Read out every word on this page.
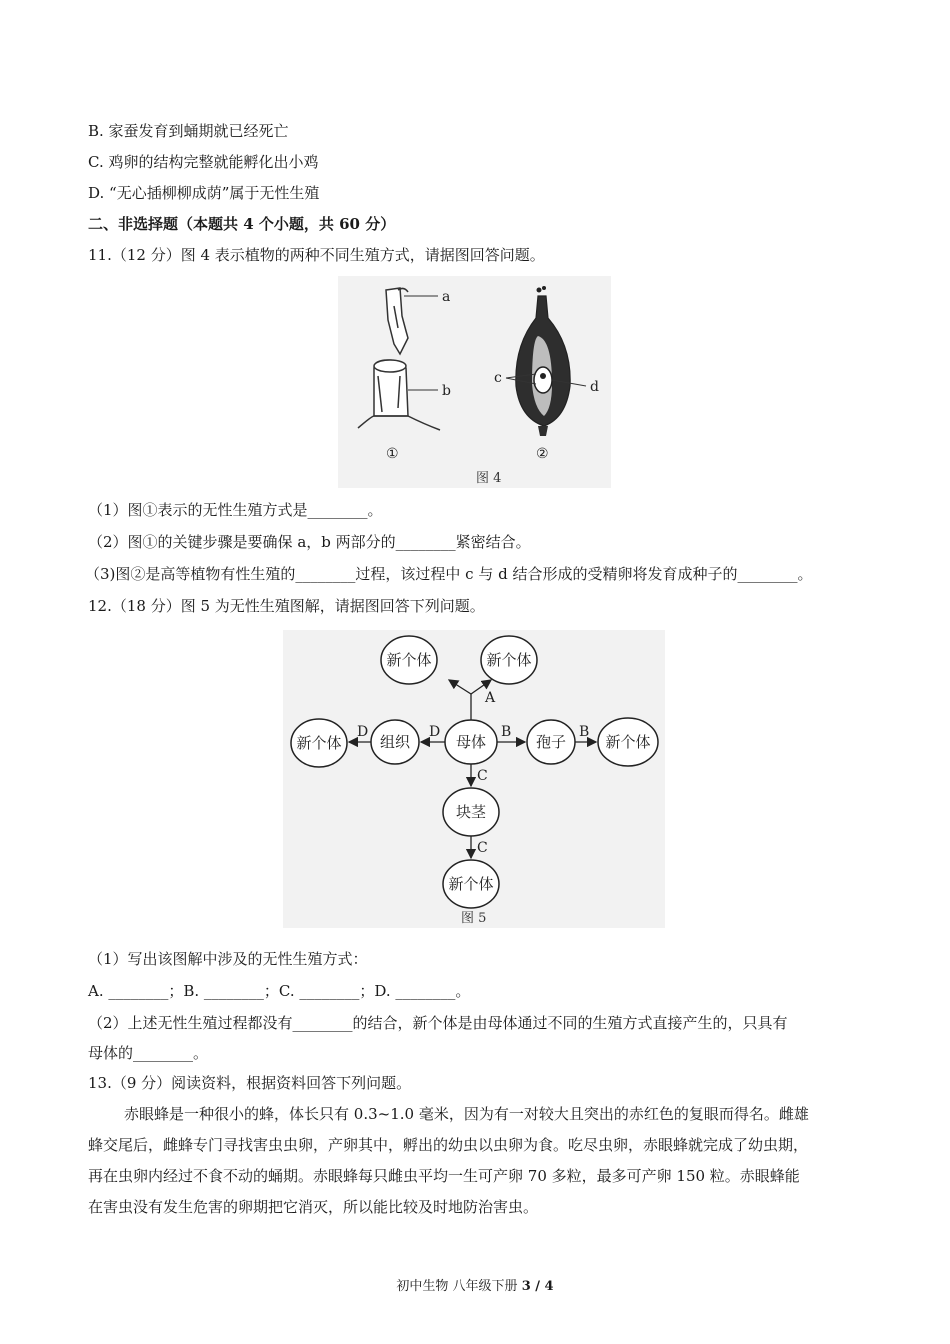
B. 家蚕发育到蛹期就已经死亡
C. 鸡卵的结构完整就能孵化出小鸡
D. “无心插柳柳成荫”属于无性生殖
二、非选择题（本题共 4 个小题，共 60 分）
11.（12 分）图 4 表示植物的两种不同生殖方式，请据图回答问题。
a
b
①
c
d
②
图 4
（1）图①表示的无性生殖方式是________。
（2）图①的关键步骤是要确保 a，b 两部分的________紧密结合。
（3)图②是高等植物有性生殖的________过程，该过程中 c 与 d 结合形成的受精卵将发育成种子的________。
12.（18 分）图 5 为无性生殖图解，请据图回答下列问题。
新个体	新个体
母体
组织
新个体	孢子	新个体
块茎
新个体
A
D
D	B	B
C
C
图 5
（1）写出该图解中涉及的无性生殖方式：
A. ________；B. ________；C. ________；D. ________。
（2）上述无性生殖过程都没有________的结合，新个体是由母体通过不同的生殖方式直接产生的，只具有
母体的________。
13.（9 分）阅读资料，根据资料回答下列问题。
赤眼蜂是一种很小的蜂，体长只有 0.3~1.0 毫米，因为有一对较大且突出的赤红色的复眼而得名。雌雄
蜂交尾后，雌蜂专门寻找害虫虫卵，产卵其中，孵出的幼虫以虫卵为食。吃尽虫卵，赤眼蜂就完成了幼虫期，
再在虫卵内经过不食不动的蛹期。赤眼蜂每只雌虫平均一生可产卵 70 多粒，最多可产卵 150 粒。赤眼蜂能
在害虫没有发生危害的卵期把它消灭，所以能比较及时地防治害虫。
初中生物 八年级下册 3 / 4
